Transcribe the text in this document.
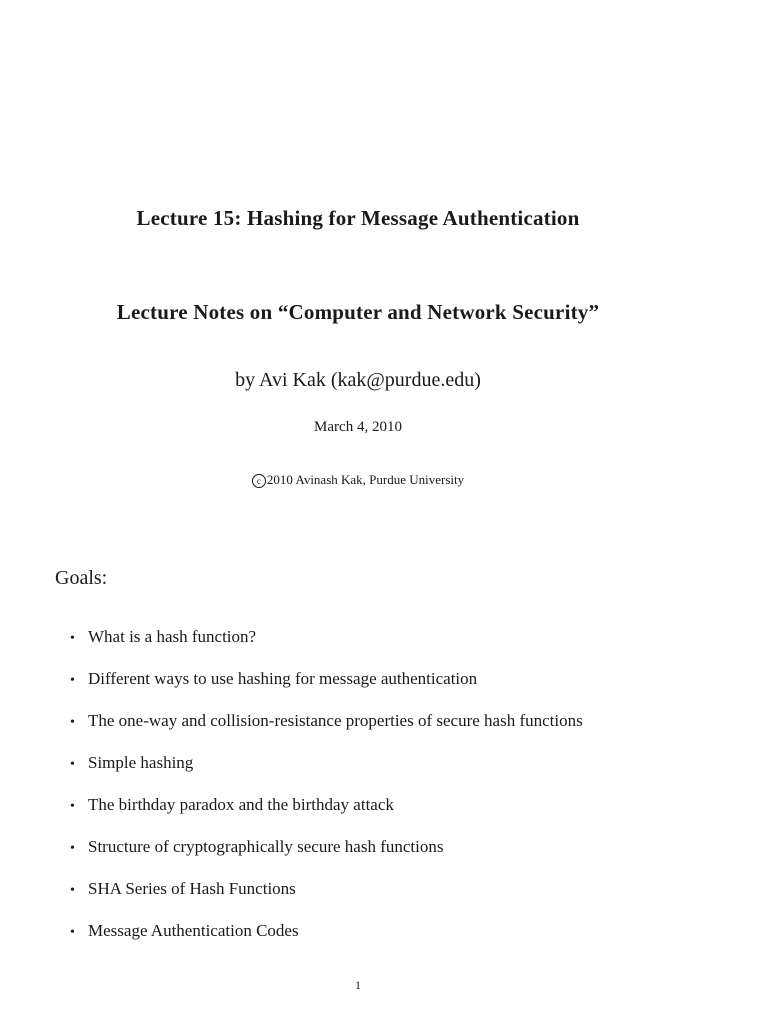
Lecture 15: Hashing for Message Authentication
Lecture Notes on “Computer and Network Security”
by Avi Kak (kak@purdue.edu)
March 4, 2010
c 2010 Avinash Kak, Purdue University
Goals:
• What is a hash function?
• Different ways to use hashing for message authentication
• The one-way and collision-resistance properties of secure hash functions
• Simple hashing
• The birthday paradox and the birthday attack
• Structure of cryptographically secure hash functions
• SHA Series of Hash Functions
• Message Authentication Codes
1
